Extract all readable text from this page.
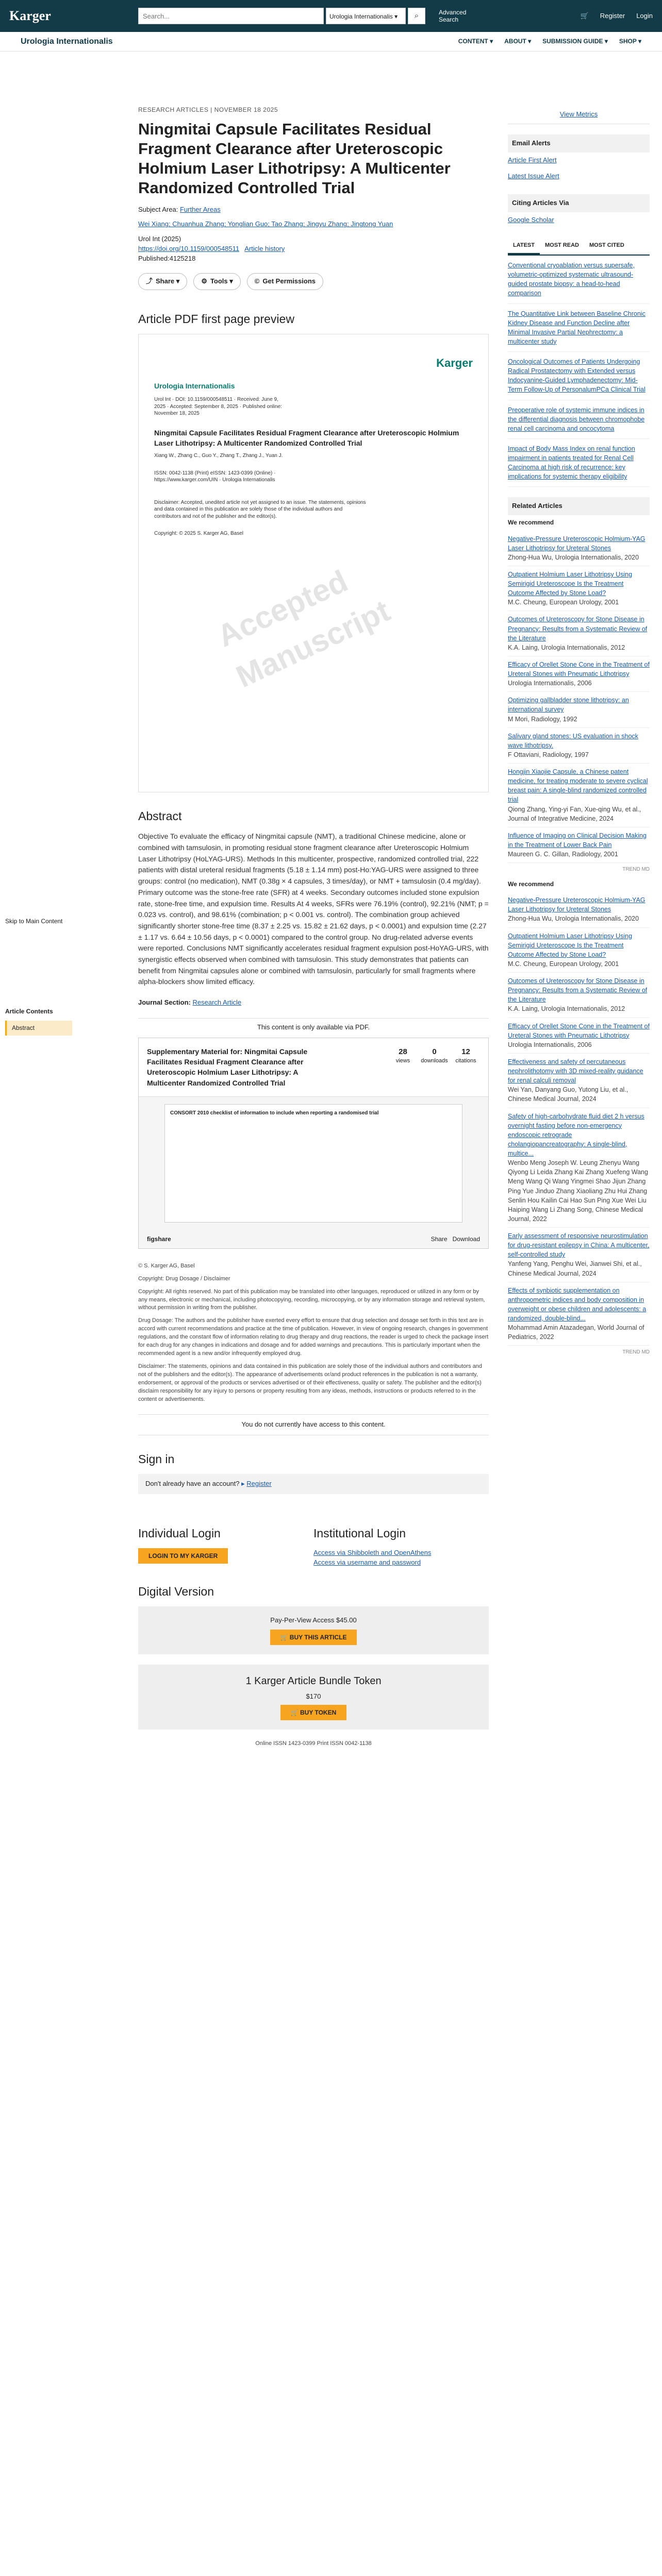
Karger
Search...	Urologia Internationalis ▾	⌕	Advanced Search
🛒 Register Login
Urologia Internationalis	CONTENT ▾ ABOUT ▾ SUBMISSION GUIDE ▾ SHOP ▾
Skip to Main Content
Article Contents
Abstract
RESEARCH ARTICLES | NOVEMBER 18 2025
Ningmitai Capsule Facilitates Residual Fragment Clearance after Ureteroscopic Holmium Laser Lithotripsy: A Multicenter Randomized Controlled Trial
Subject Area: Further Areas
Wei Xiang; Chuanhua Zhang; Yonglian Guo; Tao Zhang; Jingyu Zhang; Jingtong Yuan
Urol Int (2025)
https://doi.org/10.1159/000548511 Article history
Published:4125218
⤴ Share ▾	⚙ Tools ▾	© Get Permissions
Article PDF first page preview
Karger
Urologia Internationalis
Urol Int · DOI: 10.1159/000548511 · Received: June 9, 2025 · Accepted: September 8, 2025 · Published online: November 18, 2025
Ningmitai Capsule Facilitates Residual Fragment Clearance after Ureteroscopic Holmium Laser Lithotripsy: A Multicenter Randomized Controlled Trial
Xiang W., Zhang C., Guo Y., Zhang T., Zhang J., Yuan J.
ISSN: 0042-1138 (Print) eISSN: 1423-0399 (Online) · https://www.karger.com/UIN · Urologia Internationalis
Disclaimer: Accepted, unedited article not yet assigned to an issue. The statements, opinions and data contained in this publication are solely those of the individual authors and contributors and not of the publisher and the editor(s).
Copyright: © 2025 S. Karger AG, Basel
Accepted Manuscript
Abstract

Objective To evaluate the efficacy of Ningmitai capsule (NMT), a traditional Chinese medicine, alone or combined with tamsulosin, in promoting residual stone fragment clearance after Ureteroscopic Holmium Laser Lithotripsy (HoLYAG-URS). Methods In this multicenter, prospective, randomized controlled trial, 222 patients with distal ureteral residual fragments (5.18 ± 1.14 mm) post-Ho:YAG-URS were assigned to three groups: control (no medication), NMT (0.38g × 4 capsules, 3 times/day), or NMT + tamsulosin (0.4 mg/day). Primary outcome was the stone-free rate (SFR) at 4 weeks. Secondary outcomes included stone expulsion rate, stone-free time, and expulsion time. Results At 4 weeks, SFRs were 76.19% (control), 92.21% (NMT; p = 0.023 vs. control), and 98.61% (combination; p < 0.001 vs. control). The combination group achieved significantly shorter stone-free time (8.37 ± 2.25 vs. 15.82 ± 21.62 days, p < 0.0001) and expulsion time (2.27 ± 1.17 vs. 6.64 ± 10.56 days, p < 0.0001) compared to the control group. No drug-related adverse events were reported. Conclusions NMT significantly accelerates residual fragment expulsion post-HoYAG-URS, with synergistic effects observed when combined with tamsulosin. This study demonstrates that patients can benefit from Ningmitai capsules alone or combined with tamsulosin, particularly for small fragments where alpha-blockers show limited efficacy.

Journal Section: Research Article
This content is only available via PDF.
Supplementary Material for: Ningmitai Capsule Facilitates Residual Fragment Clearance after Ureteroscopic Holmium Laser Lithotripsy: A Multicenter Randomized Controlled Trial
28
views
0
downloads
12
citations
CONSORT 2010 checklist of information to include when reporting a randomised trial
figshare	Share Download

© S. Karger AG, Basel

Copyright: Drug Dosage / Disclaimer

Copyright: All rights reserved. No part of this publication may be translated into other languages, reproduced or utilized in any form or by any means, electronic or mechanical, including photocopying, recording, microcopying, or by any information storage and retrieval system, without permission in writing from the publisher.

Drug Dosage: The authors and the publisher have exerted every effort to ensure that drug selection and dosage set forth in this text are in accord with current recommendations and practice at the time of publication. However, in view of ongoing research, changes in government regulations, and the constant flow of information relating to drug therapy and drug reactions, the reader is urged to check the package insert for each drug for any changes in indications and dosage and for added warnings and precautions. This is particularly important when the recommended agent is a new and/or infrequently employed drug.

Disclaimer: The statements, opinions and data contained in this publication are solely those of the individual authors and contributors and not of the publishers and the editor(s). The appearance of advertisements or/and product references in the publication is not a warranty, endorsement, or approval of the products or services advertised or of their effectiveness, quality or safety. The publisher and the editor(s) disclaim responsibility for any injury to persons or property resulting from any ideas, methods, instructions or products referred to in the content or advertisements.

You do not currently have access to this content.
Sign in
Don't already have an account? ▸ Register
Individual Login
LOGIN TO MY KARGER
Institutional Login
Access via Shibboleth and OpenAthens
Access via username and password
Digital Version
Pay-Per-View Access $45.00
🛒 BUY THIS ARTICLE
1 Karger Article Bundle Token
$170
🛒 BUY TOKEN
Online ISSN 1423-0399 Print ISSN 0042-1138
View Metrics
Email Alerts
Article First Alert
Latest Issue Alert
Citing Articles Via
Google Scholar
LATEST	MOST READ	MOST CITED
Conventional cryoablation versus supersafe, volumetric-optimized systematic ultrasound-guided prostate biopsy: a head-to-head comparison
The Quantitative Link between Baseline Chronic Kidney Disease and Function Decline after Minimal Invasive Partial Nephrectomy: a multicenter study
Oncological Outcomes of Patients Undergoing Radical Prostatectomy with Extended versus Indocyanine-Guided Lymphadenectomy: Mid-Term Follow-Up of PersonalumPCa Clinical Trial
Preoperative role of systemic immune indices in the differential diagnosis between chromophobe renal cell carcinoma and oncocytoma
Impact of Body Mass Index on renal function impairment in patients treated for Renal Cell Carcinoma at high risk of recurrence: key implications for systemic therapy eligibility
Related Articles
We recommend
Negative-Pressure Ureteroscopic Holmium-YAG Laser Lithotripsy for Ureteral Stones
Zhong-Hua Wu, Urologia Internationalis, 2020
Outpatient Holmium Laser Lithotripsy Using Semirigid Ureteroscope Is the Treatment Outcome Affected by Stone Load?
M.C. Cheung, European Urology, 2001
Outcomes of Ureteroscopy for Stone Disease in Pregnancy: Results from a Systematic Review of the Literature
K.A. Laing, Urologia Internationalis, 2012
Efficacy of Orellet Stone Cone in the Treatment of Ureteral Stones with Pneumatic Lithotripsy
Urologia Internationalis, 2006
Optimizing gallbladder stone lithotripsy: an international survey
M Mori, Radiology, 1992
Salivary gland stones: US evaluation in shock wave lithotripsy.
F Ottaviani, Radiology, 1997
Hongjin Xiaojie Capsule, a Chinese patent medicine, for treating moderate to severe cyclical breast pain: A single-blind randomized controlled trial
Qiong Zhang, Ying-yi Fan, Xue-qing Wu, et al., Journal of Integrative Medicine, 2024
Influence of Imaging on Clinical Decision Making in the Treatment of Lower Back Pain
Maureen G. C. Gillan, Radiology, 2001
TREND MD
We recommend
Negative-Pressure Ureteroscopic Holmium-YAG Laser Lithotripsy for Ureteral Stones
Zhong-Hua Wu, Urologia Internationalis, 2020
Outpatient Holmium Laser Lithotripsy Using Semirigid Ureteroscope Is the Treatment Outcome Affected by Stone Load?
M.C. Cheung, European Urology, 2001
Outcomes of Ureteroscopy for Stone Disease in Pregnancy: Results from a Systematic Review of the Literature
K.A. Laing, Urologia Internationalis, 2012
Efficacy of Orellet Stone Cone in the Treatment of Ureteral Stones with Pneumatic Lithotripsy
Urologia Internationalis, 2006
Effectiveness and safety of percutaneous nephrolithotomy with 3D mixed-reality guidance for renal calculi removal
Wei Yan, Danyang Guo, Yutong Liu, et al., Chinese Medical Journal, 2024
Safety of high-carbohydrate fluid diet 2 h versus overnight fasting before non-emergency endoscopic retrograde cholangiopancreatography: A single-blind, multice...
Wenbo Meng Joseph W. Leung Zhenyu Wang Qiyong Li Leida Zhang Kai Zhang Xuefeng Wang Meng Wang Qi Wang Yingmei Shao Jijun Zhang Ping Yue Jinduo Zhang Xiaoliang Zhu Hui Zhang Senlin Hou Kailin Cai Hao Sun Ping Xue Wei Liu Haiping Wang Li Zhang Song, Chinese Medical Journal, 2022
Early assessment of responsive neurostimulation for drug-resistant epilepsy in China: A multicenter, self-controlled study
Yanfeng Yang, Penghu Wei, Jianwei Shi, et al., Chinese Medical Journal, 2024
Effects of synbiotic supplementation on anthropometric indices and body composition in overweight or obese children and adolescents: a randomized, double-blind...
Mohammad Amin Atazadegan, World Journal of Pediatrics, 2022
TREND MD
